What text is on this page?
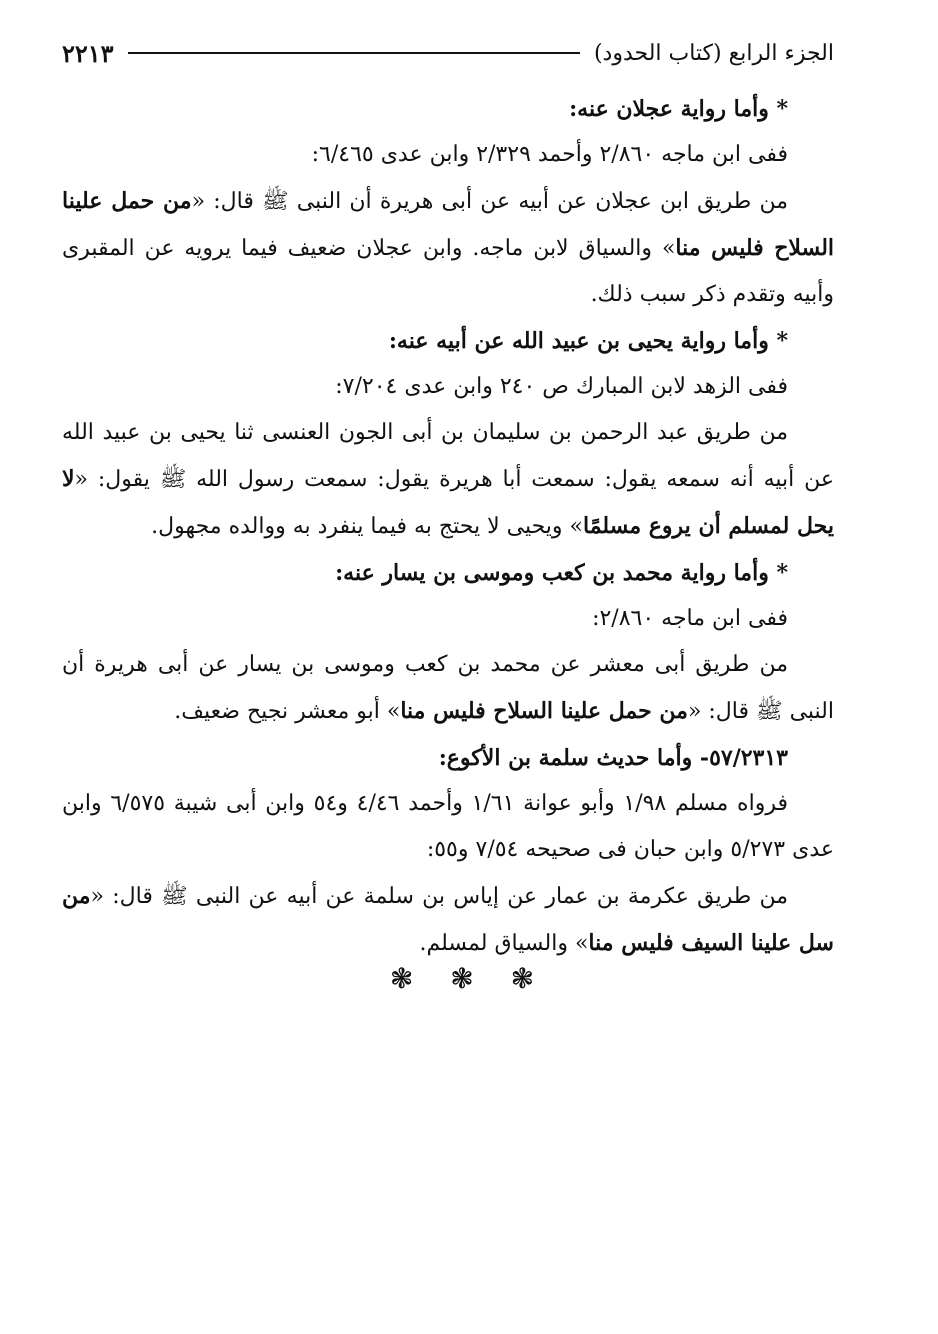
الجزء الرابع (كتاب الحدود)
٢٢١٣

* وأما رواية عجلان عنه:

ففى ابن ماجه ٢/٨٦٠ وأحمد ٢/٣٢٩ وابن عدى ٦/٤٦٥:

من طريق ابن عجلان عن أبيه عن أبى هريرة أن النبى ﷺ قال: «من حمل علينا السلاح فليس منا» والسياق لابن ماجه. وابن عجلان ضعيف فيما يرويه عن المقبرى وأبيه وتقدم ذكر سبب ذلك.

* وأما رواية يحيى بن عبيد الله عن أبيه عنه:

ففى الزهد لابن المبارك ص ٢٤٠ وابن عدى ٧/٢٠٤:

من طريق عبد الرحمن بن سليمان بن أبى الجون العنسى ثنا يحيى بن عبيد الله عن أبيه أنه سمعه يقول: سمعت أبا هريرة يقول: سمعت رسول الله ﷺ يقول: «لا يحل لمسلم أن يروع مسلمًا» ويحيى لا يحتج به فيما ينفرد به ووالده مجهول.

* وأما رواية محمد بن كعب وموسى بن يسار عنه:

ففى ابن ماجه ٢/٨٦٠:

من طريق أبى معشر عن محمد بن كعب وموسى بن يسار عن أبى هريرة أن النبى ﷺ قال: «من حمل علينا السلاح فليس منا» أبو معشر نجيح ضعيف.

٥٧/٢٣١٣- وأما حديث سلمة بن الأكوع:

فرواه مسلم ١/٩٨ وأبو عوانة ١/٦١ وأحمد ٤/٤٦ و٥٤ وابن أبى شيبة ٦/٥٧٥ وابن عدى ٥/٢٧٣ وابن حبان فى صحيحه ٧/٥٤ و٥٥:

من طريق عكرمة بن عمار عن إياس بن سلمة عن أبيه عن النبى ﷺ قال: «من سل علينا السيف فليس منا» والسياق لمسلم.

❃ ❃ ❃
